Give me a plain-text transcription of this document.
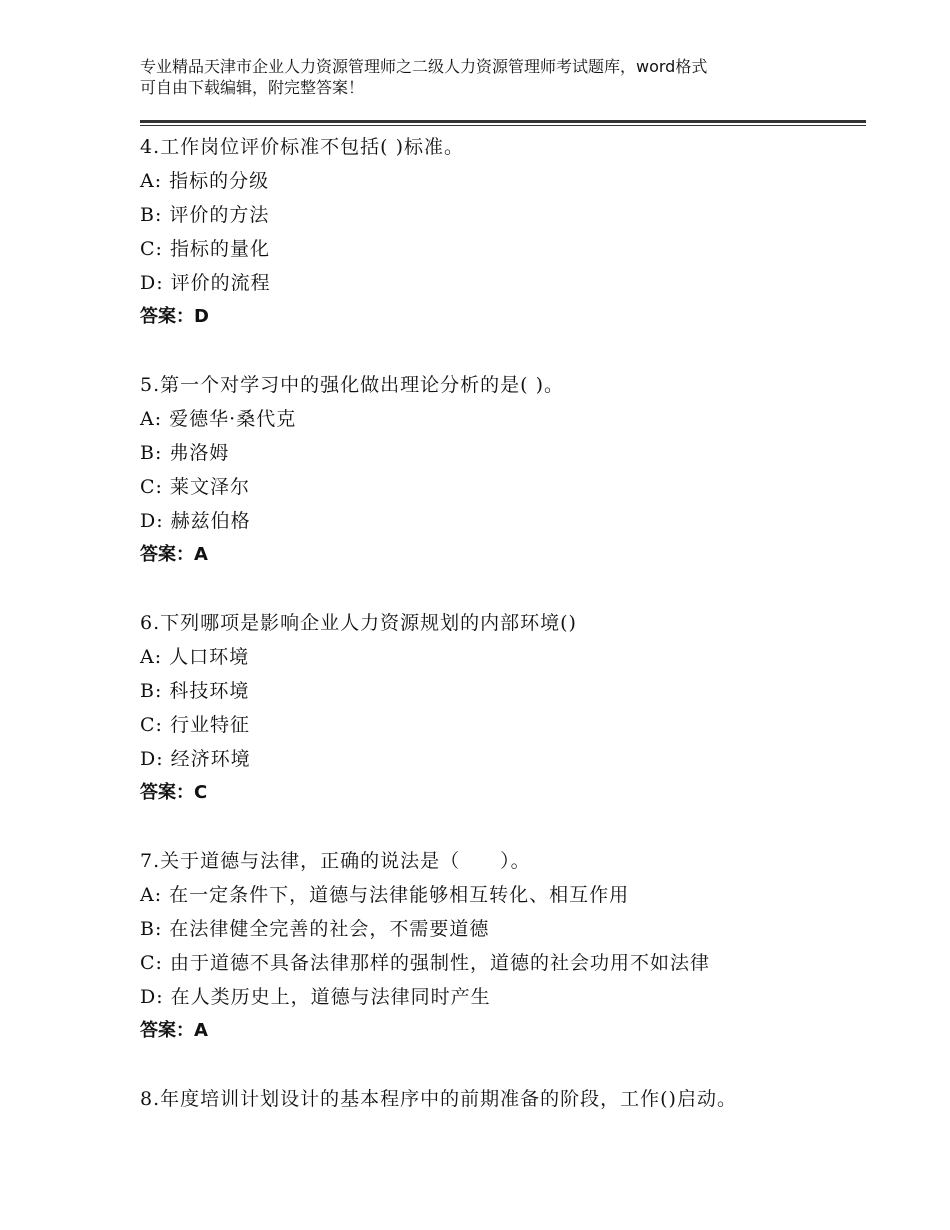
专业精品天津市企业人力资源管理师之二级人力资源管理师考试题库，word格式
可自由下载编辑，附完整答案！
4.工作岗位评价标准不包括( )标准。
A: 指标的分级
B: 评价的方法
C: 指标的量化
D: 评价的流程
答案：D
5.第一个对学习中的强化做出理论分析的是( )。
A: 爱德华·桑代克
B: 弗洛姆
C: 莱文泽尔
D: 赫兹伯格
答案：A
6.下列哪项是影响企业人力资源规划的内部环境()
A: 人口环境
B: 科技环境
C: 行业特征
D: 经济环境
答案：C
7.关于道德与法律，正确的说法是（　　）。
A: 在一定条件下，道德与法律能够相互转化、相互作用
B: 在法律健全完善的社会，不需要道德
C: 由于道德不具备法律那样的强制性，道德的社会功用不如法律
D: 在人类历史上，道德与法律同时产生
答案：A
8.年度培训计划设计的基本程序中的前期准备的阶段，工作()启动。
